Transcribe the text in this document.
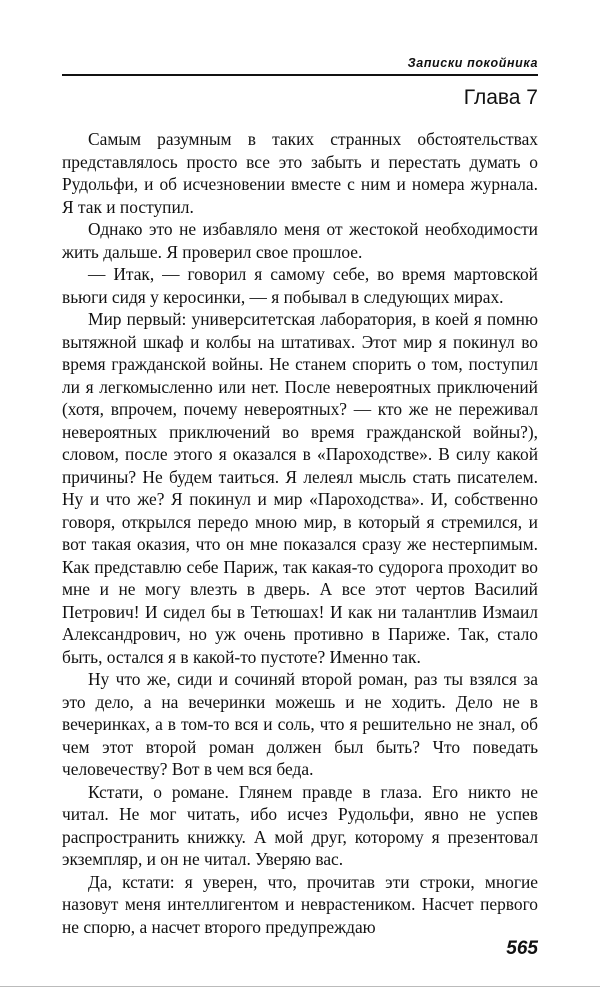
Записки покойника
Глава 7

Самым разумным в таких странных обстоятельствах представлялось просто все это забыть и перестать думать о Рудольфи, и об исчезновении вместе с ним и номера журнала. Я так и поступил.

Однако это не избавляло меня от жестокой необходимости жить дальше. Я проверил свое прошлое.

— Итак, — говорил я самому себе, во время мартовской вьюги сидя у керосинки, — я побывал в следующих мирах.

Мир первый: университетская лаборатория, в коей я помню вытяжной шкаф и колбы на штативах. Этот мир я покинул во время гражданской войны. Не станем спорить о том, поступил ли я легкомысленно или нет. После невероятных приключений (хотя, впрочем, почему невероятных? — кто же не переживал невероятных приключений во время гражданской войны?), словом, после этого я оказался в «Пароходстве». В силу какой причины? Не будем таиться. Я лелеял мысль стать писателем. Ну и что же? Я покинул и мир «Пароходства». И, собственно говоря, открылся передо мною мир, в который я стремился, и вот такая оказия, что он мне показался сразу же нестерпимым. Как представлю себе Париж, так какая-то судорога проходит во мне и не могу влезть в дверь. А все этот чертов Василий Петрович! И сидел бы в Тетюшах! И как ни талантлив Измаил Александрович, но уж очень противно в Париже. Так, стало быть, остался я в какой-то пустоте? Именно так.

Ну что же, сиди и сочиняй второй роман, раз ты взялся за это дело, а на вечеринки можешь и не ходить. Дело не в вечеринках, а в том-то вся и соль, что я решительно не знал, об чем этот второй роман должен был быть? Что поведать человечеству? Вот в чем вся беда.

Кстати, о романе. Глянем правде в глаза. Его никто не читал. Не мог читать, ибо исчез Рудольфи, явно не успев распространить книжку. А мой друг, которому я презентовал экземпляр, и он не читал. Уверяю вас.

Да, кстати: я уверен, что, прочитав эти строки, многие назовут меня интеллигентом и неврастеником. Насчет первого не спорю, а насчет второго предупреждаю

565
